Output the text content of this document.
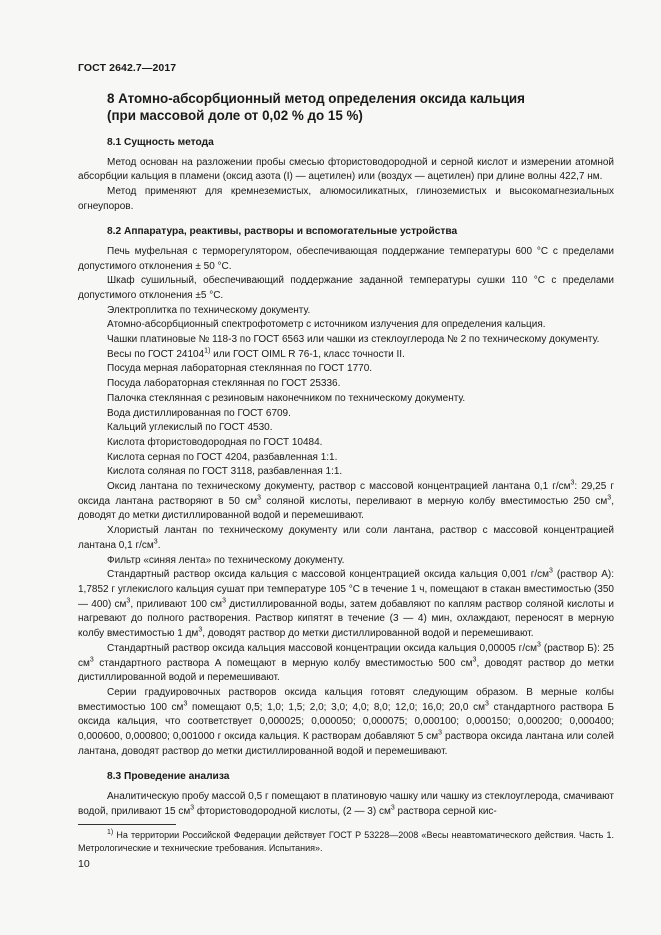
ГОСТ 2642.7—2017
8 Атомно-абсорбционный метод определения оксида кальция
(при массовой доле от 0,02 % до 15 %)
8.1 Сущность метода

Метод основан на разложении пробы смесью фтористоводородной и серной кислот и измерении атомной абсорбции кальция в пламени (оксид азота (I) — ацетилен) или (воздух — ацетилен) при длине волны 422,7 нм.

Метод применяют для кремнеземистых, алюмосиликатных, глиноземистых и высокомагнезиальных огнеупоров.

8.2 Аппаратура, реактивы, растворы и вспомогательные устройства

Печь муфельная с терморегулятором, обеспечивающая поддержание температуры 600 °С с пределами допустимого отклонения ± 50 °С.

Шкаф сушильный, обеспечивающий поддержание заданной температуры сушки 110 °С с пределами допустимого отклонения ±5 °С.

Электроплитка по техническому документу.

Атомно-абсорбционный спектрофотометр с источником излучения для определения кальция.

Чашки платиновые № 118-3 по ГОСТ 6563 или чашки из стеклоуглерода № 2 по техническому документу.

Весы по ГОСТ 24104$^{1)}$ или ГОСТ OIML R 76-1, класс точности II.

Посуда мерная лабораторная стеклянная по ГОСТ 1770.

Посуда лабораторная стеклянная по ГОСТ 25336.

Палочка стеклянная с резиновым наконечником по техническому документу.

Вода дистиллированная по ГОСТ 6709.

Кальций углекислый по ГОСТ 4530.

Кислота фтористоводородная по ГОСТ 10484.

Кислота серная по ГОСТ 4204, разбавленная 1:1.

Кислота соляная по ГОСТ 3118, разбавленная 1:1.

Оксид лантана по техническому документу, раствор с массовой концентрацией лантана 0,1 $г/см^3$: 29,25 г оксида лантана растворяют в 50 $см^3$ соляной кислоты, переливают в мерную колбу вместимостью 250 $см^3$, доводят до метки дистиллированной водой и перемешивают.

Хлористый лантан по техническому документу или соли лантана, раствор с массовой концентрацией лантана 0,1 $г/см^3$.

Фильтр «синяя лента» по техническому документу.

Стандартный раствор оксида кальция с массовой концентрацией оксида кальция 0,001 $г/см^3$ (раствор А): 1,7852 г углекислого кальция сушат при температуре 105 °С в течение 1 ч, помещают в стакан вместимостью (350 — 400) $см^3$, приливают 100 $см^3$ дистиллированной воды, затем добавляют по каплям раствор соляной кислоты и нагревают до полного растворения. Раствор кипятят в течение (3 — 4) мин, охлаждают, переносят в мерную колбу вместимостью 1 $дм^3$, доводят раствор до метки дистиллированной водой и перемешивают.

Стандартный раствор оксида кальция массовой концентрации оксида кальция 0,00005 $г/см^3$ (раствор Б): 25 $см^3$ стандартного раствора А помещают в мерную колбу вместимостью 500 $см^3$, доводят раствор до метки дистиллированной водой и перемешивают.

Серии градуировочных растворов оксида кальция готовят следующим образом. В мерные колбы вместимостью 100 $см^3$ помещают 0,5; 1,0; 1,5; 2,0; 3,0; 4,0; 8,0; 12,0; 16,0; 20,0 $см^3$ стандартного раствора Б оксида кальция, что соответствует 0,000025; 0,000050; 0,000075; 0,000100; 0,000150; 0,000200; 0,000400; 0,000600, 0,000800; 0,001000 г оксида кальция. К растворам добавляют 5 $см^3$ раствора оксида лантана или солей лантана, доводят раствор до метки дистиллированной водой и перемешивают.

8.3 Проведение анализа

Аналитическую пробу массой 0,5 г помещают в платиновую чашку или чашку из стеклоуглерода, смачивают водой, приливают 15 $см^3$ фтористоводородной кислоты, (2 — 3) $см^3$ раствора серной кис-

$^{1)}$ На территории Российской Федерации действует ГОСТ Р 53228—2008 «Весы неавтоматического действия. Часть 1. Метрологические и технические требования. Испытания».

10
